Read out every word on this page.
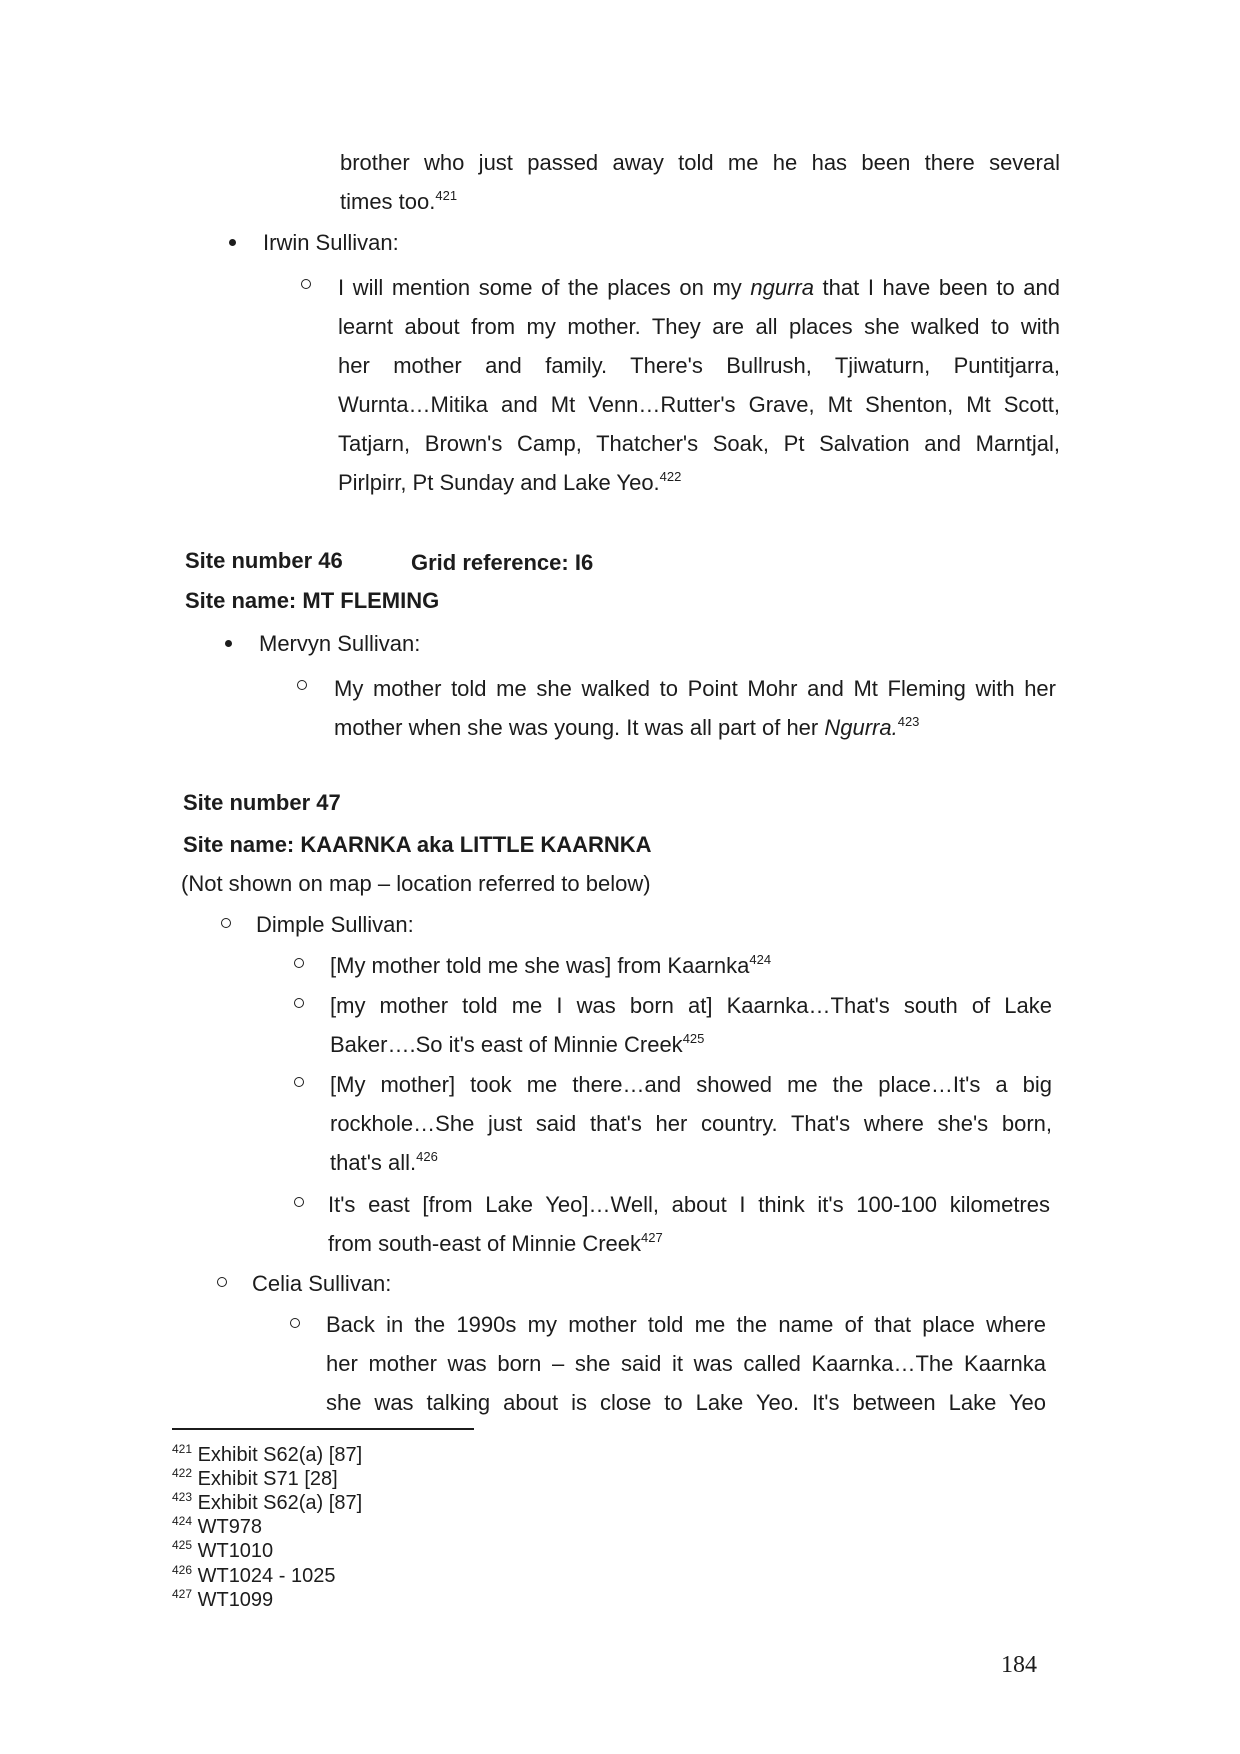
brother who just passed away told me he has been there several
times too.$^{421}$
Irwin Sullivan:
I will mention some of the places on my ngurra that I have been to and
learnt about from my mother. They are all places she walked to with
her mother and family. There's Bullrush, Tjiwaturn, Puntitjarra,
Wurnta…Mitika and Mt Venn…Rutter's Grave, Mt Shenton, Mt Scott,
Tatjarn, Brown's Camp, Thatcher's Soak, Pt Salvation and Marntjal,
Pirlpirr, Pt Sunday and Lake Yeo.$^{422}$
Site number 46	Grid reference: I6
Site name: MT FLEMING
Mervyn Sullivan:
My mother told me she walked to Point Mohr and Mt Fleming with her
mother when she was young. It was all part of her Ngurra.$^{423}$
Site number 47
Site name: KAARNKA aka LITTLE KAARNKA
(Not shown on map – location referred to below)
Dimple Sullivan:
[My mother told me she was] from Kaarnka$^{424}$
[my mother told me I was born at] Kaarnka…That's south of Lake
Baker….So it's east of Minnie Creek$^{425}$
[My mother] took me there…and showed me the place…It's a big
rockhole…She just said that's her country. That's where she's born,
that's all.$^{426}$
It's east [from Lake Yeo]…Well, about I think it's 100-100 kilometres
from south-east of Minnie Creek$^{427}$
Celia Sullivan:
Back in the 1990s my mother told me the name of that place where
her mother was born – she said it was called Kaarnka…The Kaarnka
she was talking about is close to Lake Yeo. It's between Lake Yeo
$^{421}$ Exhibit S62(a) [87]
$^{422}$ Exhibit S71 [28]
$^{423}$ Exhibit S62(a) [87]
$^{424}$ WT978
$^{425}$ WT1010
$^{426}$ WT1024 - 1025
$^{427}$ WT1099
184
